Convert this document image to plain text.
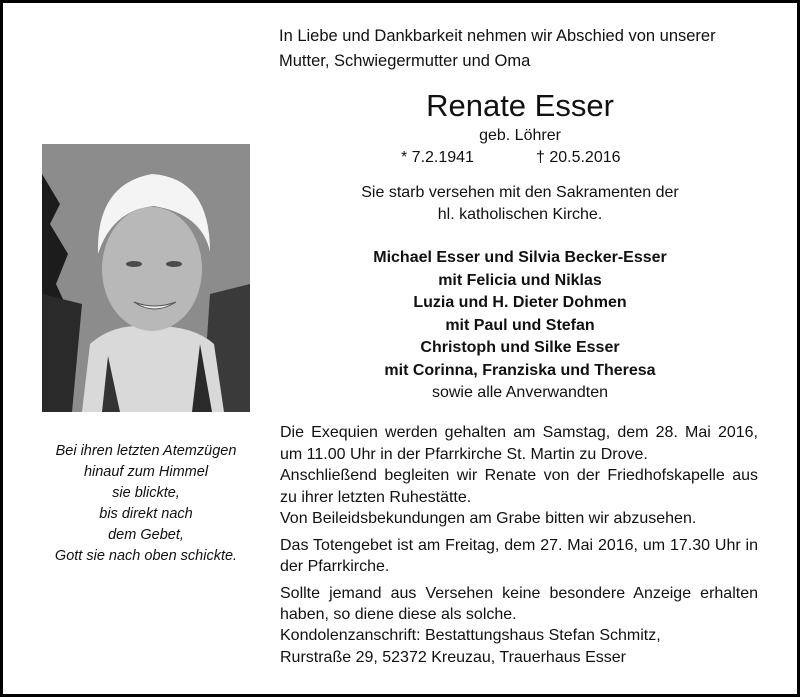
In Liebe und Dankbarkeit nehmen wir Abschied von unserer
Mutter, Schwiegermutter und Oma
Renate Esser
geb. Löhrer
* 7.2.1941	† 20.5.2016
Sie starb versehen mit den Sakramenten der
hl. katholischen Kirche.
Michael Esser und Silvia Becker-Esser
mit Felicia und Niklas
Luzia und H. Dieter Dohmen
mit Paul und Stefan
Christoph und Silke Esser
mit Corinna, Franziska und Theresa
sowie alle Anverwandten
Bei ihren letzten Atemzügen
hinauf zum Himmel
sie blickte,
bis direkt nach
dem Gebet,
Gott sie nach oben schickte.

Die Exequien werden gehalten am Samstag, dem 28. Mai 2016, um 11.00 Uhr in der Pfarrkirche St. Martin zu Drove.

Anschließend begleiten wir Renate von der Friedhofskapelle aus zu ihrer letzten Ruhestätte.

Von Beileidsbekundungen am Grabe bitten wir abzusehen.

Das Totengebet ist am Freitag, dem 27. Mai 2016, um 17.30 Uhr in der Pfarrkirche.

Sollte jemand aus Versehen keine besondere Anzeige erhalten haben, so diene diese als solche.

Kondolenzanschrift: Bestattungshaus Stefan Schmitz,
Rurstraße 29, 52372 Kreuzau, Trauerhaus Esser
